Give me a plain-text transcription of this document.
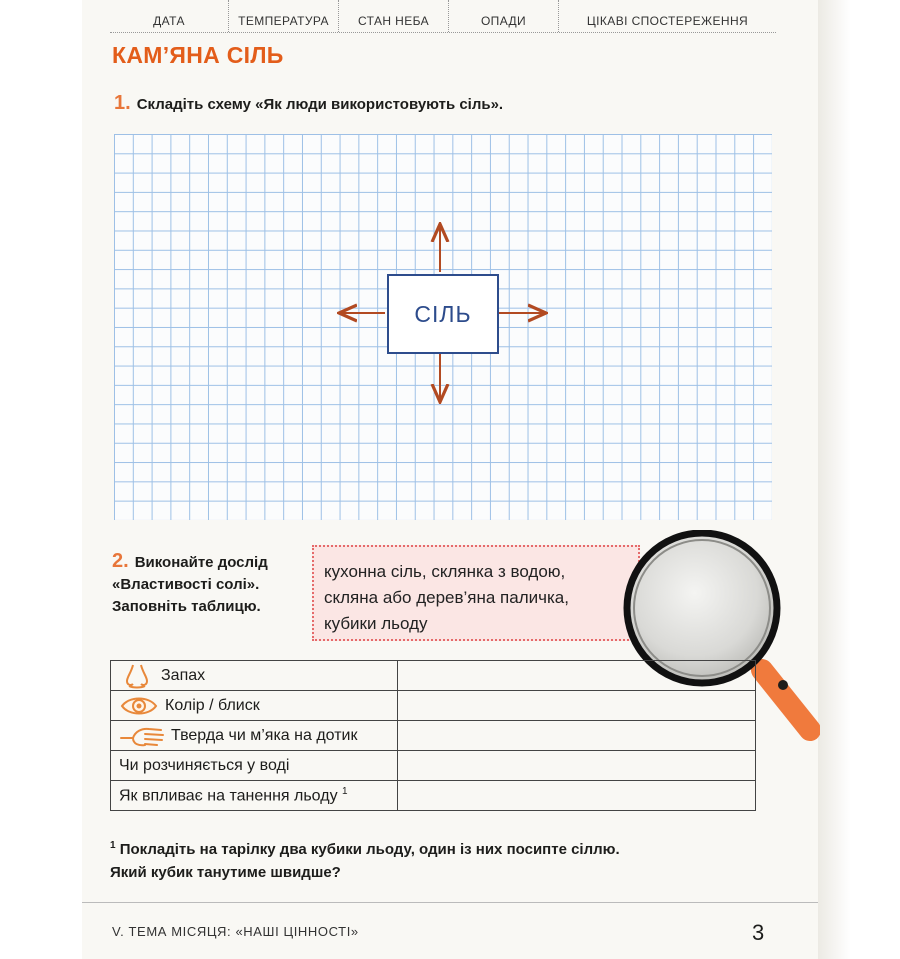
ДАТА	ТЕМПЕРАТУРА	СТАН НЕБА	ОПАДИ	ЦІКАВІ СПОСТЕРЕЖЕННЯ
КАМ’ЯНА СІЛЬ
1. Складіть схему «Як люди використовують сіль».
СІЛЬ
2. Виконайте дослід
«Властивості солі».
Заповніть таблицю.
кухонна сіль, склянка з водою,
скляна або дерев’яна паличка,
кубики льоду
Запах	
Колір / блиск	
Тверда чи м’яка на дотик	
Чи розчиняється у воді	
Як впливає на танення льоду $^1$	
$^1$ Покладіть на тарілку два кубики льоду, один із них посипте сіллю.
Який кубик танутиме швидше?
V. ТЕМА МІСЯЦЯ: «НАШІ ЦІННОСТІ»	3
